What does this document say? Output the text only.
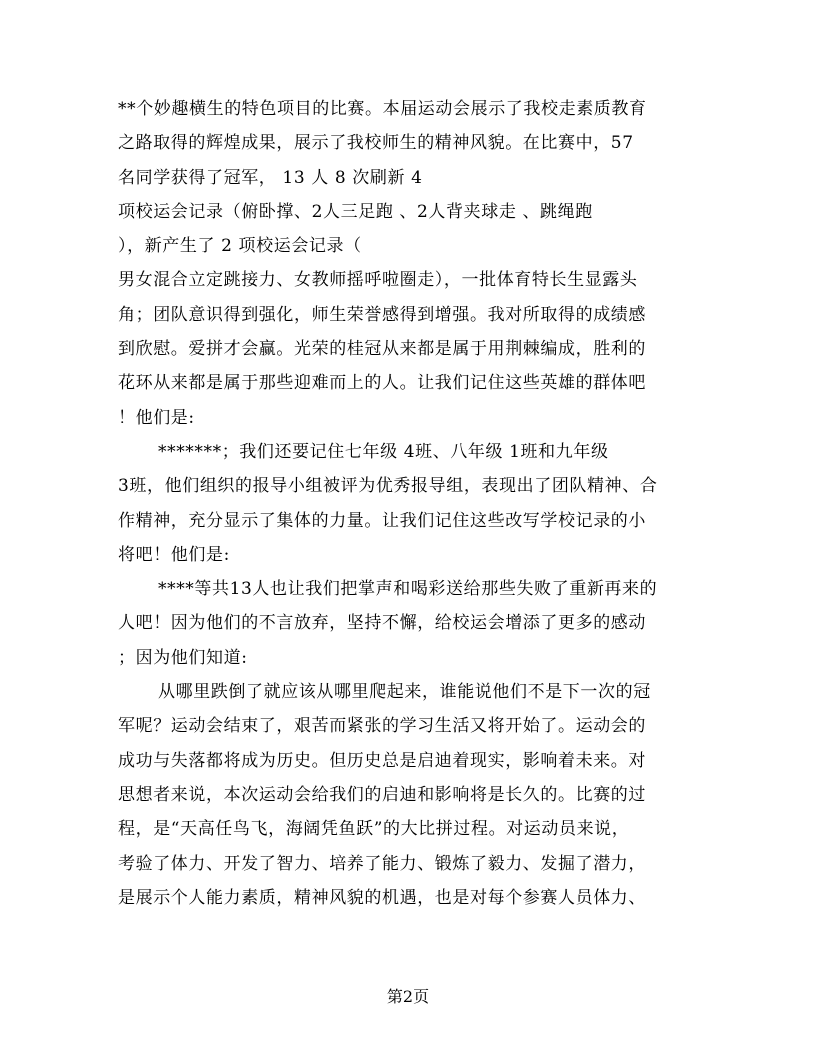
**个妙趣横生的特色项目的比赛。本届运动会展示了我校走素质教育
之路取得的辉煌成果，展示了我校师生的精神风貌。在比赛中，57
名同学获得了冠军， 13 人 8 次刷新 4
项校运会记录（俯卧撑、2人三足跑 、2人背夹球走 、跳绳跑
），新产生了 2 项校运会记录（
男女混合立定跳接力、女教师摇呼啦圈走），一批体育特长生显露头
角；团队意识得到强化，师生荣誉感得到增强。我对所取得的成绩感
到欣慰。爱拼才会赢。光荣的桂冠从来都是属于用荆棘编成，胜利的
花环从来都是属于那些迎难而上的人。让我们记住这些英雄的群体吧
！他们是:
*******；我们还要记住七年级 4班、八年级 1班和九年级
3班，他们组织的报导小组被评为优秀报导组，表现出了团队精神、合
作精神，充分显示了集体的力量。让我们记住这些改写学校记录的小
将吧！他们是:
****等共13人也让我们把掌声和喝彩送给那些失败了重新再来的
人吧！因为他们的不言放弃，坚持不懈，给校运会增添了更多的感动
；因为他们知道:
从哪里跌倒了就应该从哪里爬起来，谁能说他们不是下一次的冠
军呢？运动会结束了，艰苦而紧张的学习生活又将开始了。运动会的
成功与失落都将成为历史。但历史总是启迪着现实，影响着未来。对
思想者来说，本次运动会给我们的启迪和影响将是长久的。比赛的过
程，是“天高任鸟飞，海阔凭鱼跃”的大比拼过程。对运动员来说，
考验了体力、开发了智力、培养了能力、锻炼了毅力、发掘了潜力，
是展示个人能力素质，精神风貌的机遇，也是对每个参赛人员体力、
第2页
